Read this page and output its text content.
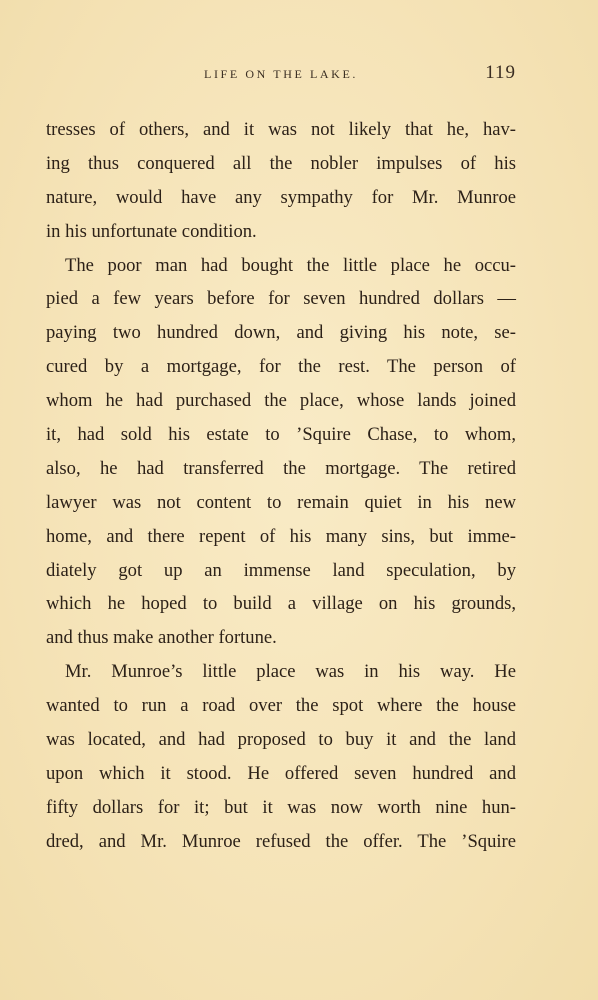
LIFE ON THE LAKE.	119
tresses of others, and it was not likely that he, hav-
ing thus conquered all the nobler impulses of his
nature, would have any sympathy for Mr. Munroe
in his unfortunate condition.
The poor man had bought the little place he occu-
pied a few years before for seven hundred dollars —
paying two hundred down, and giving his note, se-
cured by a mortgage, for the rest. The person of
whom he had purchased the place, whose lands joined
it, had sold his estate to ’Squire Chase, to whom,
also, he had transferred the mortgage. The retired
lawyer was not content to remain quiet in his new
home, and there repent of his many sins, but imme-
diately got up an immense land speculation, by
which he hoped to build a village on his grounds,
and thus make another fortune.
Mr. Munroe’s little place was in his way. He
wanted to run a road over the spot where the house
was located, and had proposed to buy it and the land
upon which it stood. He offered seven hundred and
fifty dollars for it; but it was now worth nine hun-
dred, and Mr. Munroe refused the offer. The ’Squire
